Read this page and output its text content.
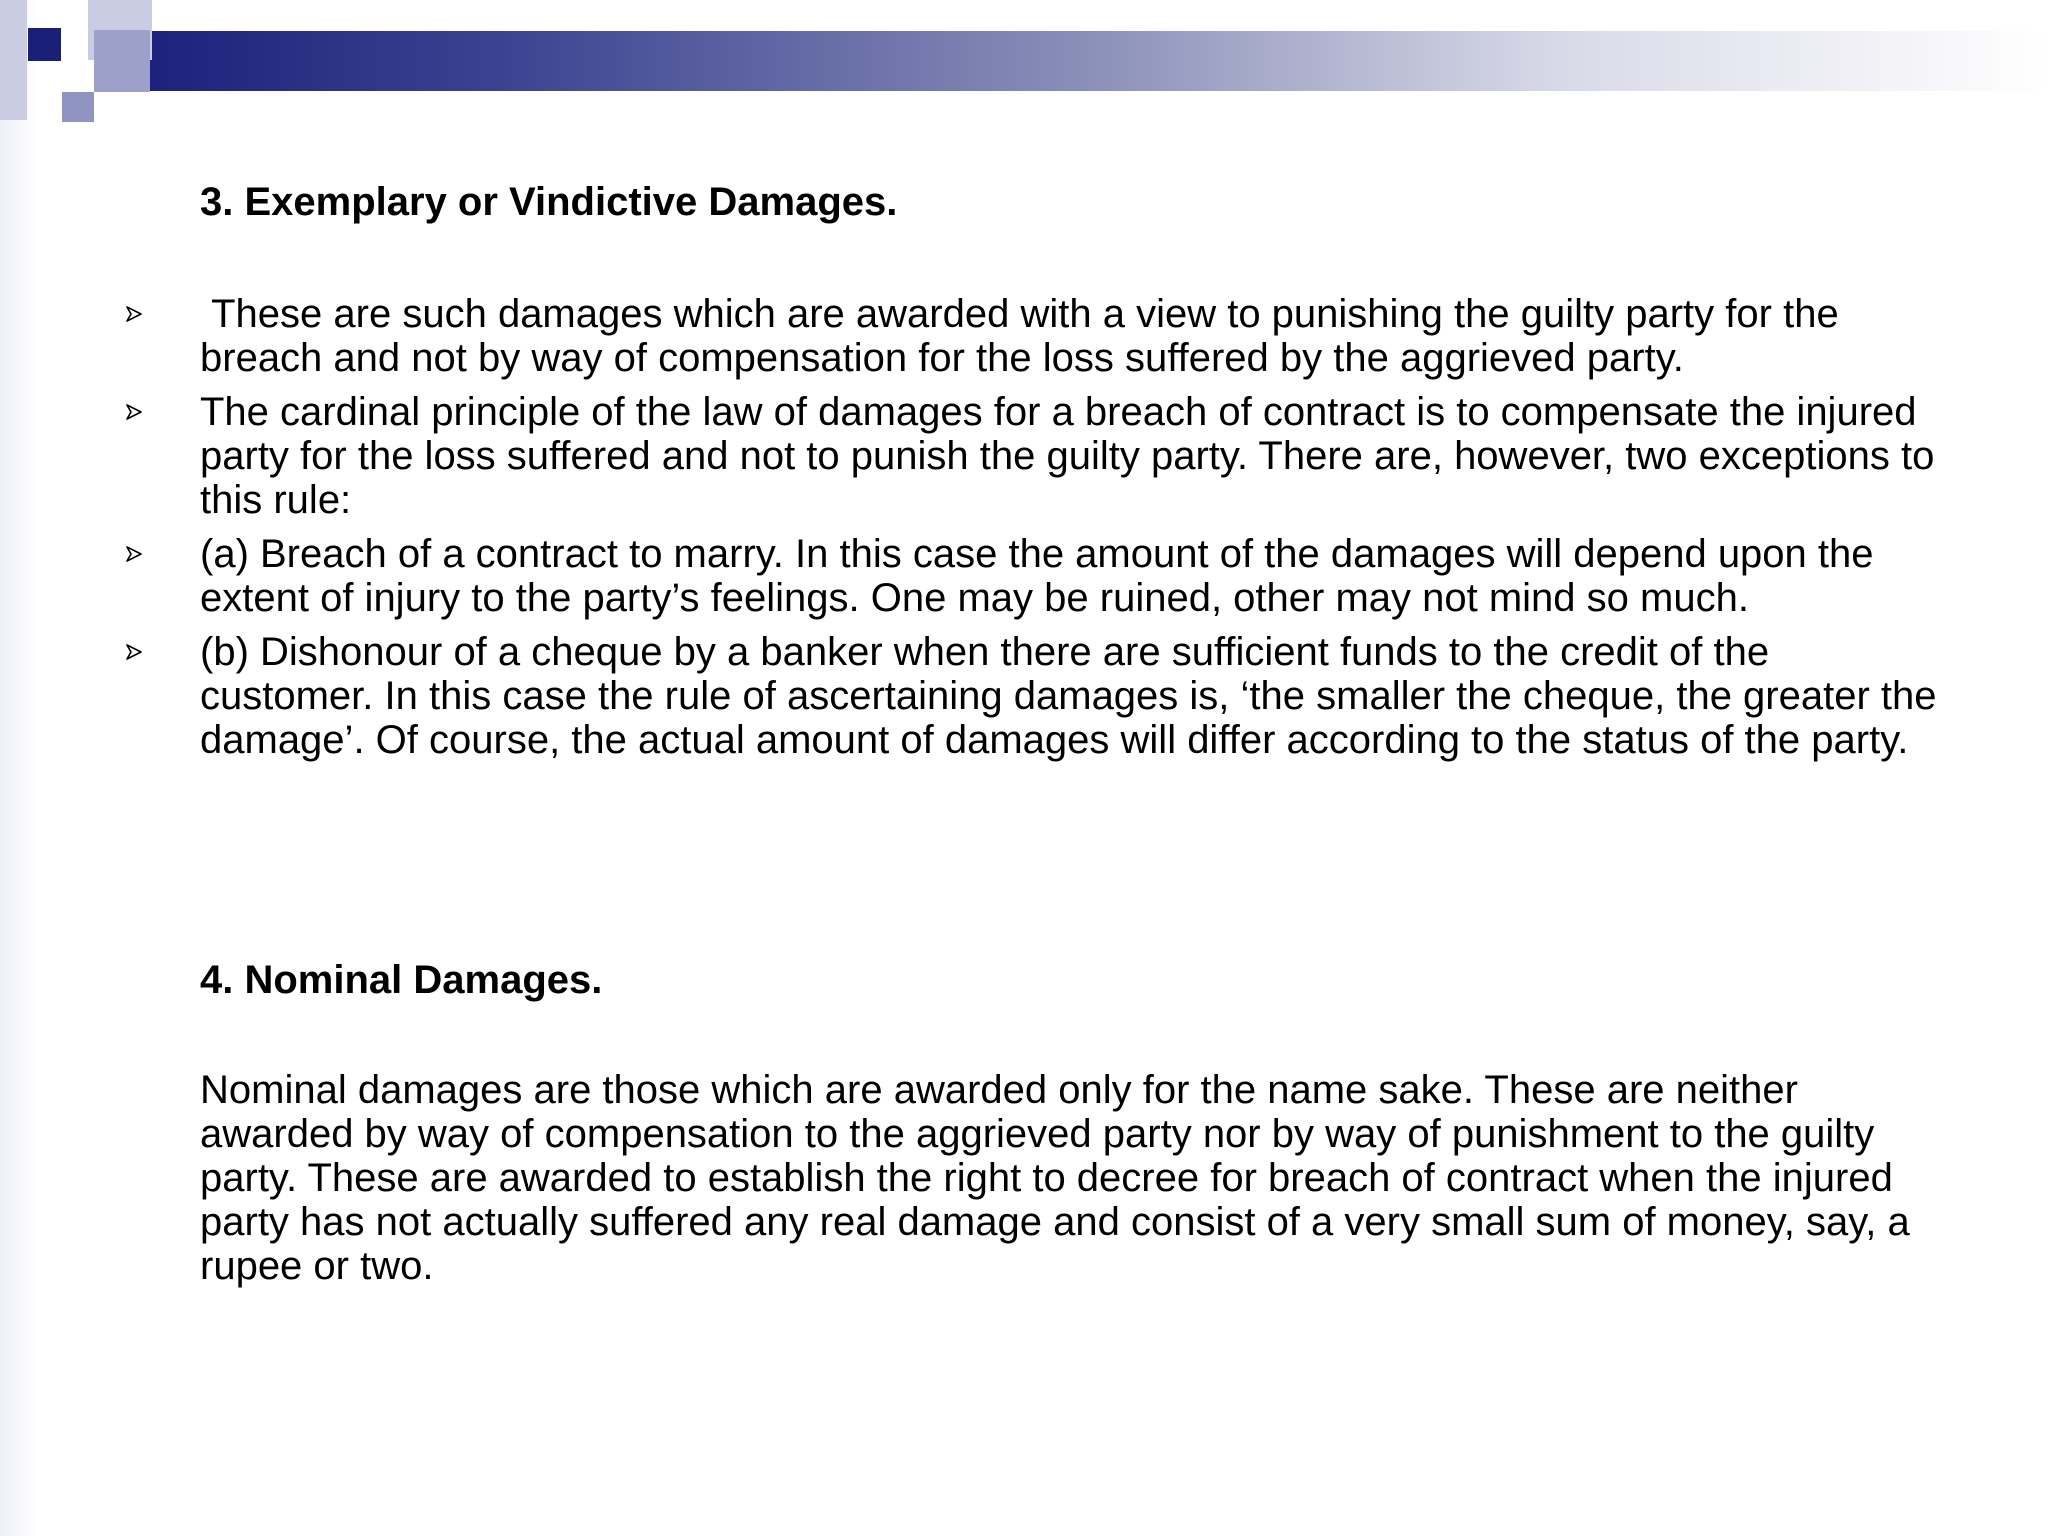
3. Exemplary or Vindictive Damages.
These are such damages which are awarded with a view to punishing the guilty party for the breach and not by way of compensation for the loss suffered by the aggrieved party.
The cardinal principle of the law of damages for a breach of contract is to compensate the injured party for the loss suffered and not to punish the guilty party. There are, however, two exceptions to this rule:
(a) Breach of a contract to marry. In this case the amount of the damages will depend upon the extent of injury to the party’s feelings. One may be ruined, other may not mind so much.
(b) Dishonour of a cheque by a banker when there are sufficient funds to the credit of the customer. In this case the rule of ascertaining damages is, ‘the smaller the cheque, the greater the damage’. Of course, the actual amount of damages will differ according to the status of the party.
4. Nominal Damages.
Nominal damages are those which are awarded only for the name sake. These are neither awarded by way of compensation to the aggrieved party nor by way of punishment to the guilty party. These are awarded to establish the right to decree for breach of contract when the injured party has not actually suffered any real damage and consist of a very small sum of money, say, a rupee or two.
